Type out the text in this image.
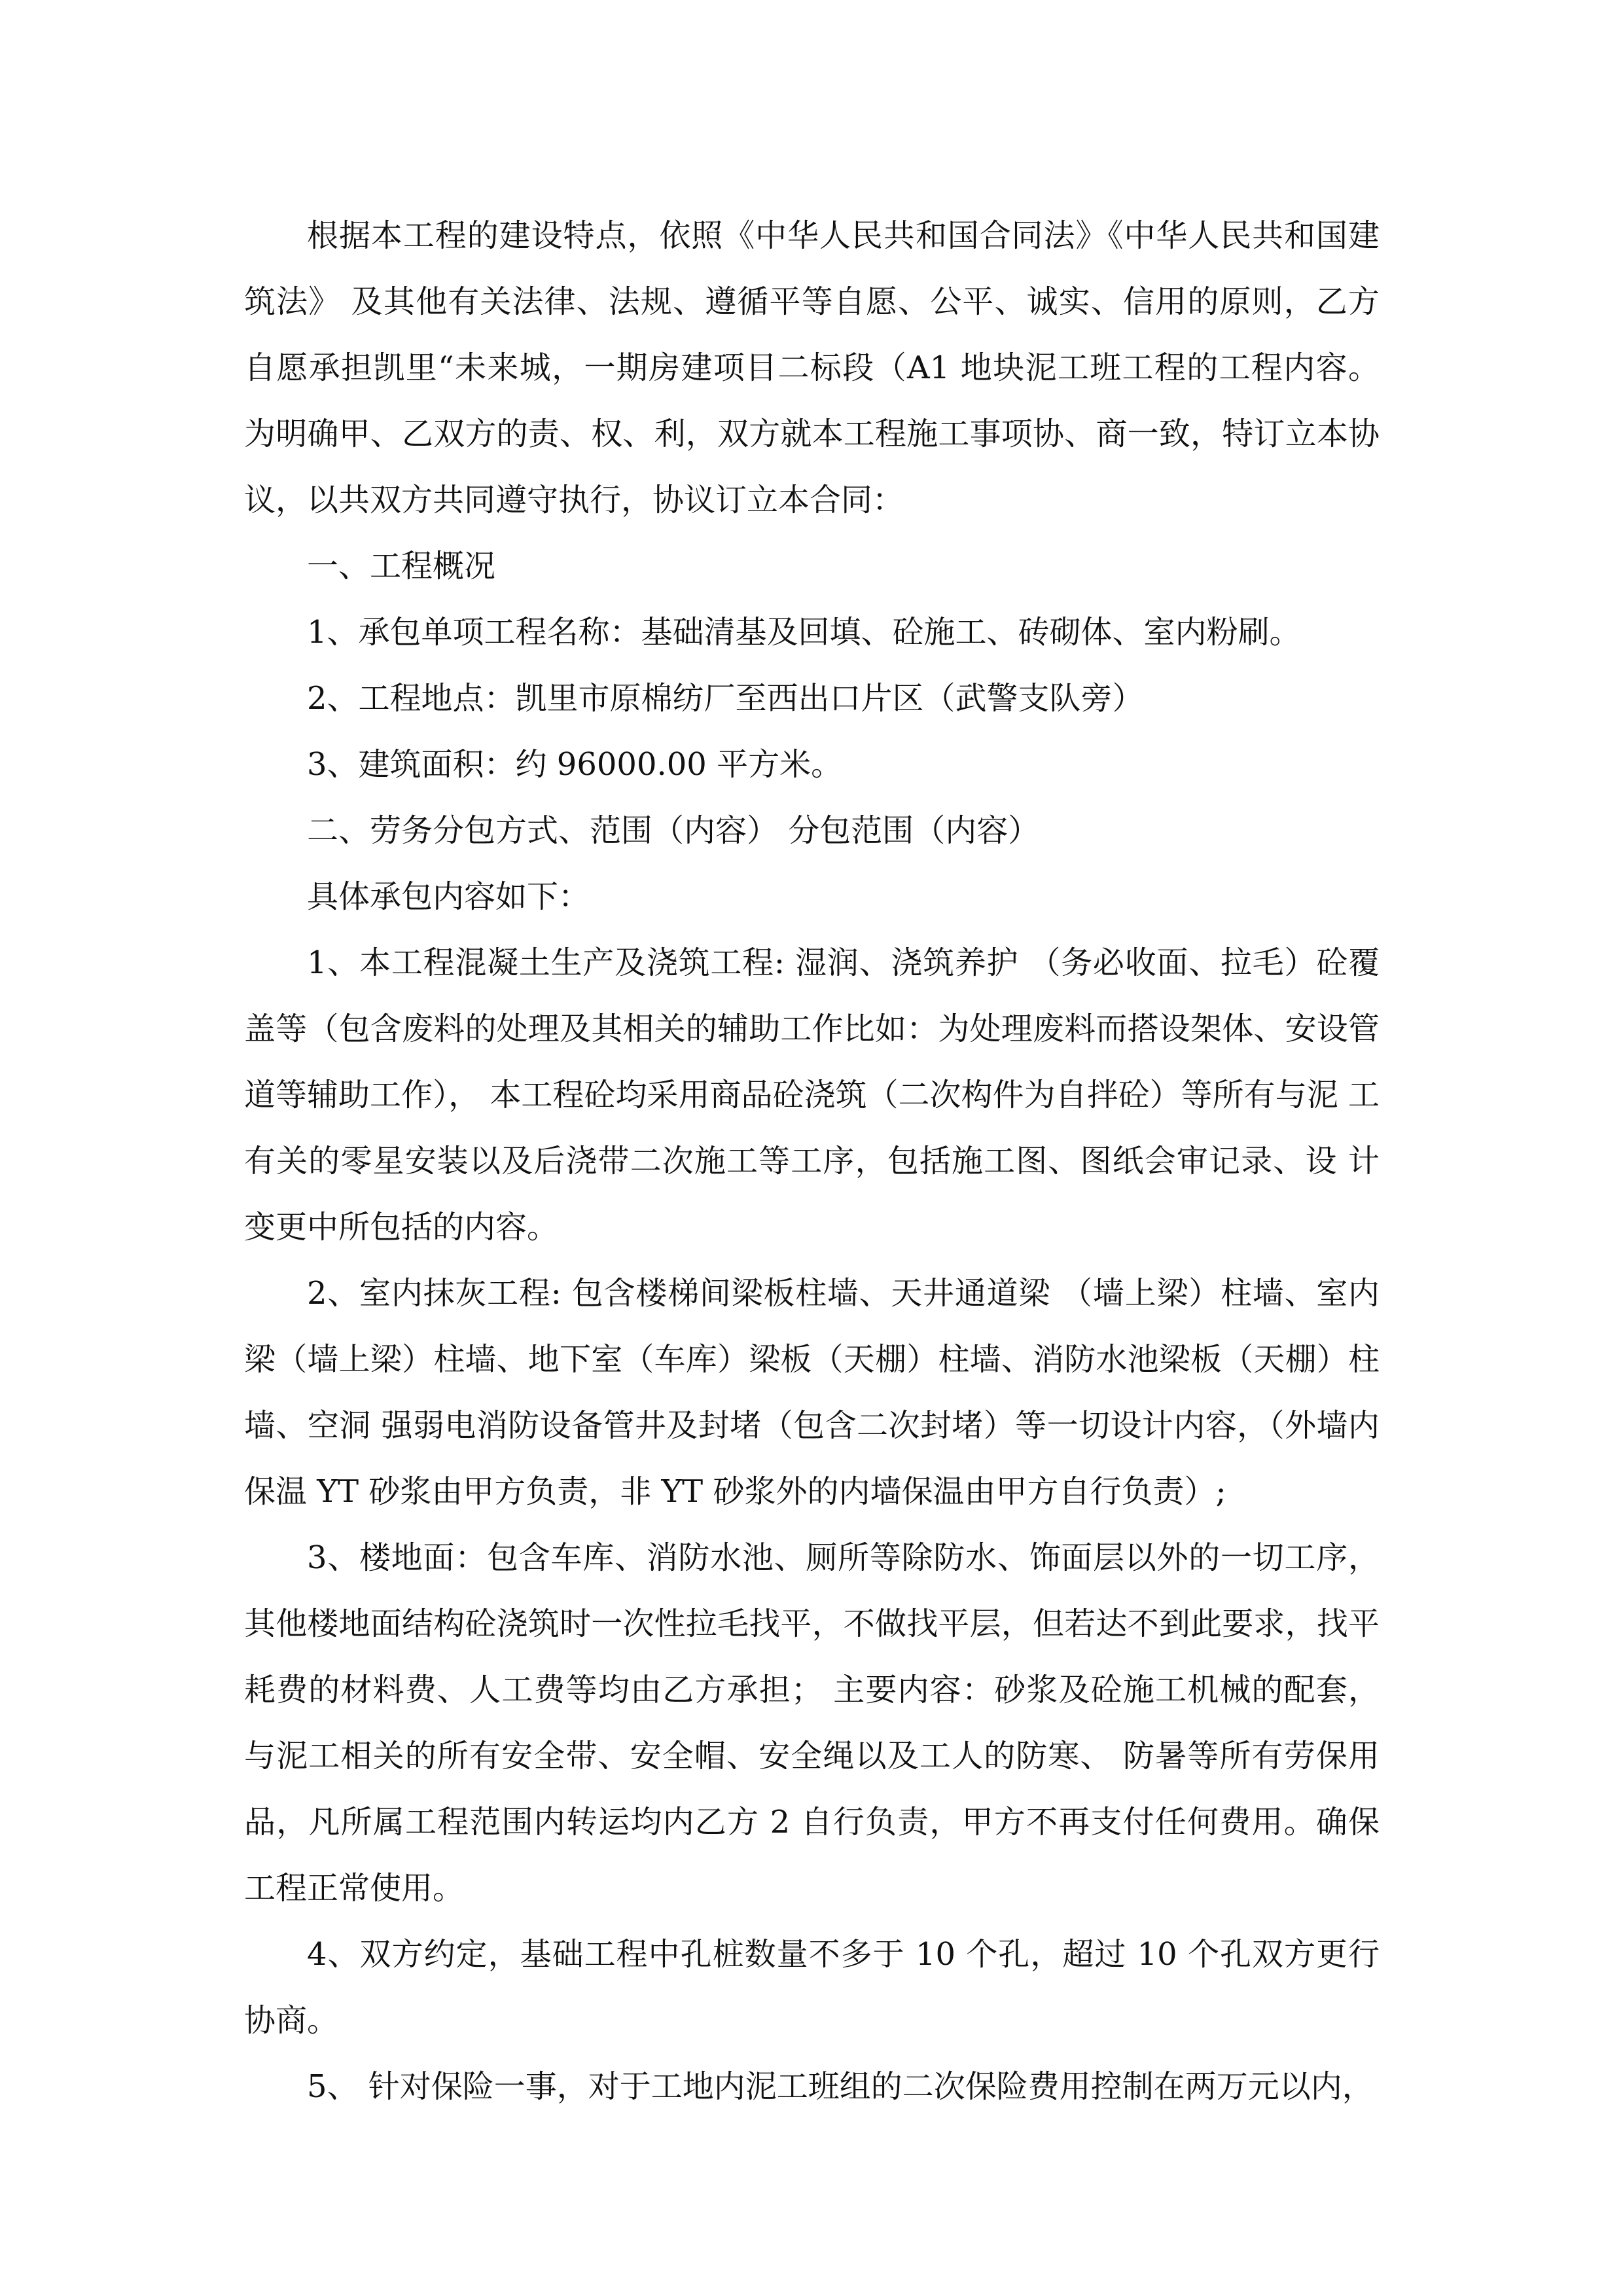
根据本工程的建设特点，依照《中华人民共和国合同法》《中华人民共和国建筑法》 及其他有关法律、法规、遵循平等自愿、公平、诚实、信用的原则，乙方自愿承担凯里“未来城，一期房建项目二标段（A1 地块泥工班工程的工程内容。为明确甲、乙双方的责、权、利，双方就本工程施工事项协、商一致，特订立本协议，以共双方共同遵守执行，协议订立本合同：

一、工程概况

1、承包单项工程名称：基础清基及回填、砼施工、砖砌体、室内粉刷。

2、工程地点：凯里市原棉纺厂至西出口片区（武警支队旁）

3、建筑面积：约 96000.00 平方米。

二、劳务分包方式、范围（内容） 分包范围（内容）

具体承包内容如下：

1、本工程混凝土生产及浇筑工程: 湿润、浇筑养护 （务必收面、拉毛）砼覆盖等（包含废料的处理及其相关的辅助工作比如：为处理废料而搭设架体、安设管道等辅助工作）， 本工程砼均采用商品砼浇筑（二次构件为自拌砼）等所有与泥 工有关的零星安装以及后浇带二次施工等工序，包括施工图、图纸会审记录、设 计变更中所包括的内容。

2、室内抹灰工程: 包含楼梯间梁板柱墙、天井通道梁 （墙上梁）柱墙、室内 梁（墙上梁）柱墙、地下室（车库）梁板（天棚）柱墙、消防水池梁板（天棚）柱墙、空洞 强弱电消防设备管井及封堵（包含二次封堵）等一切设计内容，（外墙内保温 YT 砂浆由甲方负责，非 YT 砂浆外的内墙保温由甲方自行负责）;

3、楼地面：包含车库、消防水池、厕所等除防水、饰面层以外的一切工序，其他楼地面结构砼浇筑时一次性拉毛找平，不做找平层，但若达不到此要求，找平耗费的材料费、人工费等均由乙方承担； 主要内容：砂浆及砼施工机械的配套，与泥工相关的所有安全带、安全帽、安全绳以及工人的防寒、 防暑等所有劳保用品，凡所属工程范围内转运均内乙方 2 自行负责，甲方不再支付任何费用。确保工程正常使用。

4、双方约定，基础工程中孔桩数量不多于 10 个孔，超过 10 个孔双方更行协商。

5、 针对保险一事，对于工地内泥工班组的二次保险费用控制在两万元以内，
